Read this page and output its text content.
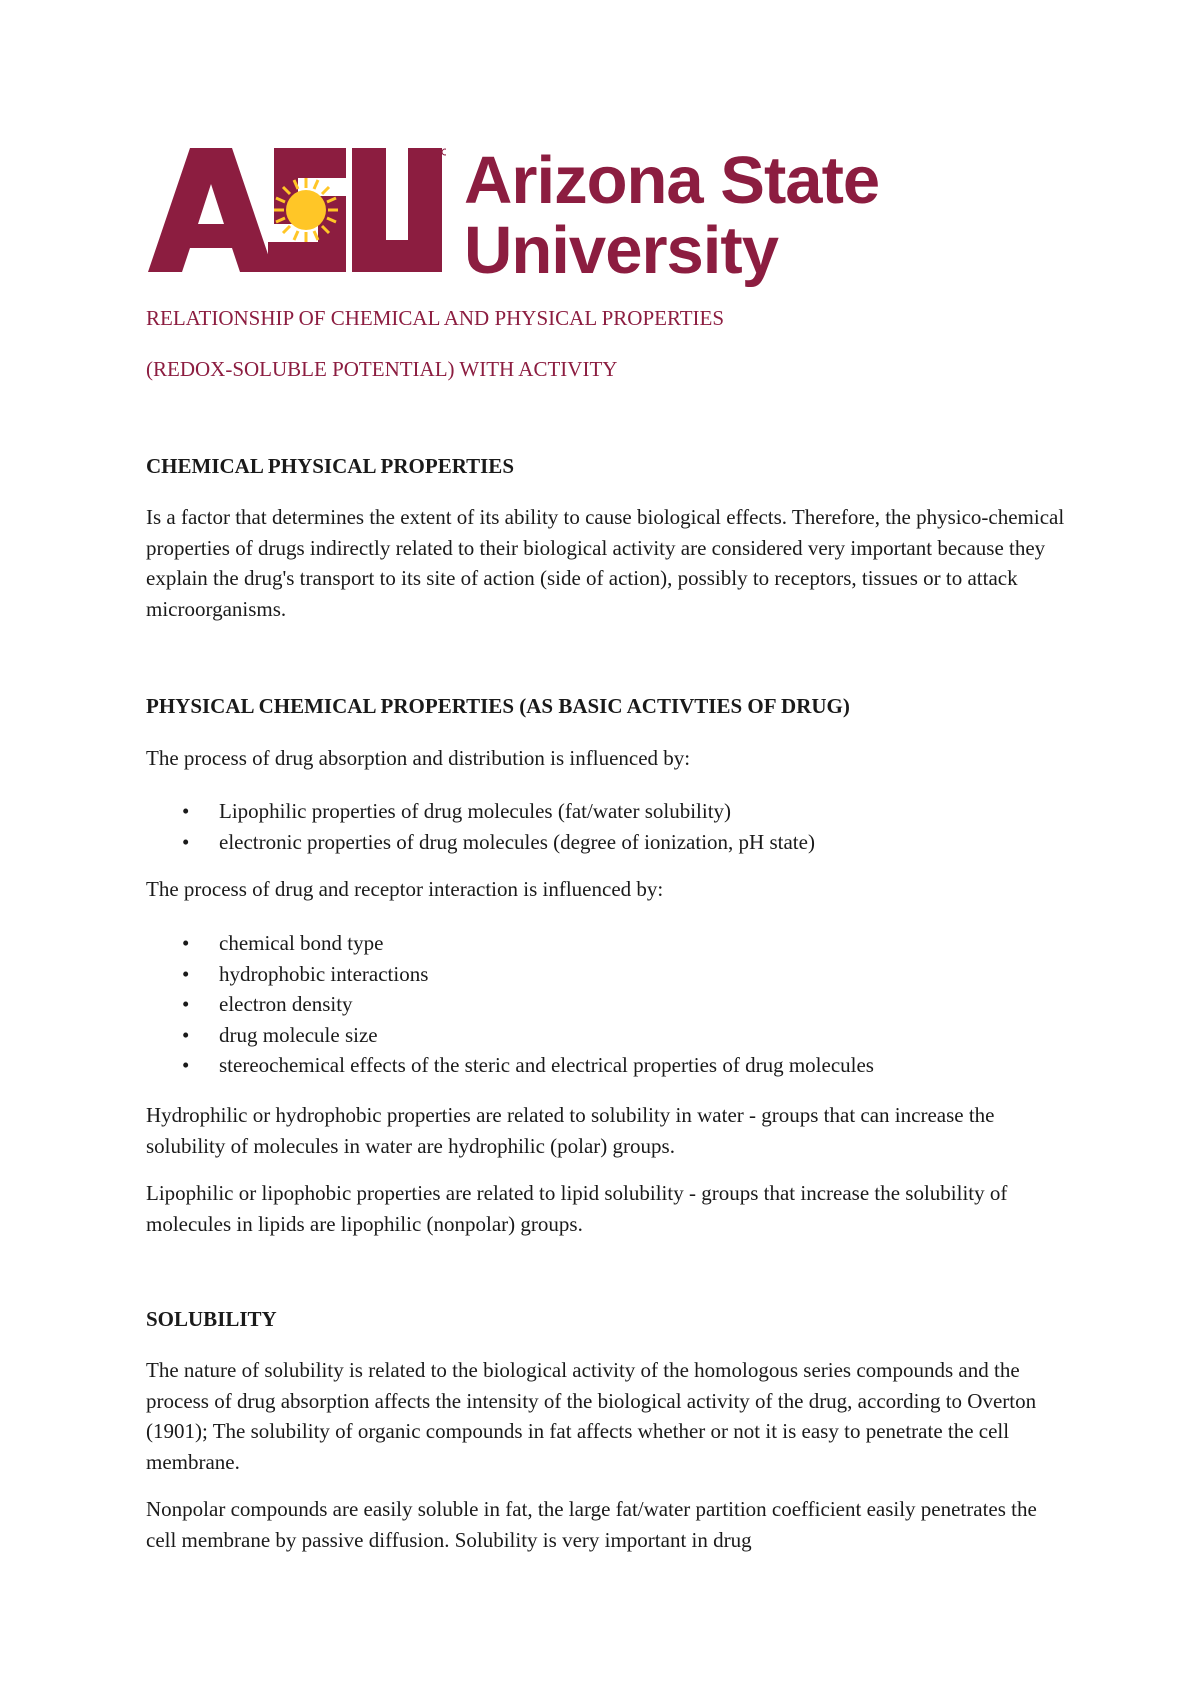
Arizona State
University
RELATIONSHIP OF CHEMICAL AND PHYSICAL PROPERTIES
(REDOX-SOLUBLE POTENTIAL) WITH ACTIVITY
CHEMICAL PHYSICAL PROPERTIES
Is a factor that determines the extent of its ability to cause biological effects. Therefore, the physico-chemical properties of drugs indirectly related to their biological activity are considered very important because they explain the drug's transport to its site of action (side of action), possibly to receptors, tissues or to attack microorganisms.
PHYSICAL CHEMICAL PROPERTIES (AS BASIC ACTIVTIES OF DRUG)
The process of drug absorption and distribution is influenced by:
• Lipophilic properties of drug molecules (fat/water solubility)
• electronic properties of drug molecules (degree of ionization, pH state)
The process of drug and receptor interaction is influenced by:
• chemical bond type
• hydrophobic interactions
• electron density
• drug molecule size
• stereochemical effects of the steric and electrical properties of drug molecules
Hydrophilic or hydrophobic properties are related to solubility in water - groups that can increase the solubility of molecules in water are hydrophilic (polar) groups.
Lipophilic or lipophobic properties are related to lipid solubility - groups that increase the solubility of molecules in lipids are lipophilic (nonpolar) groups.
SOLUBILITY
The nature of solubility is related to the biological activity of the homologous series compounds and the process of drug absorption affects the intensity of the biological activity of the drug, according to Overton (1901); The solubility of organic compounds in fat affects whether or not it is easy to penetrate the cell membrane.
Nonpolar compounds are easily soluble in fat, the large fat/water partition coefficient easily penetrates the cell membrane by passive diffusion. Solubility is very important in drug
